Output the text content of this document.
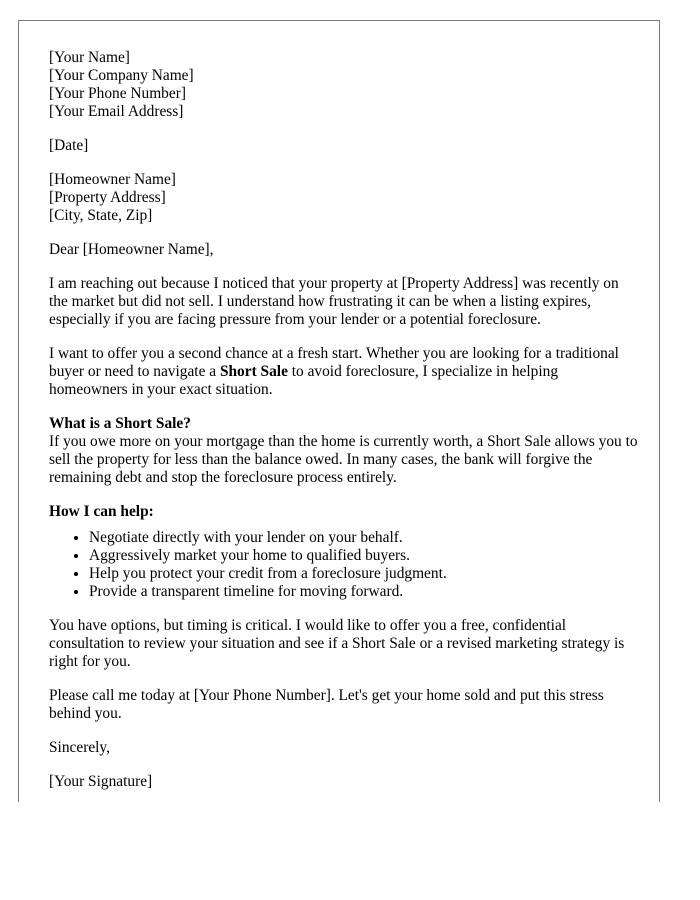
[Your Name]
[Your Company Name]
[Your Phone Number]
[Your Email Address]
[Date]
[Homeowner Name]
[Property Address]
[City, State, Zip]

Dear [Homeowner Name],

I am reaching out because I noticed that your property at [Property Address] was recently on the market but did not sell. I understand how frustrating it can be when a listing expires, especially if you are facing pressure from your lender or a potential foreclosure.

I want to offer you a second chance at a fresh start. Whether you are looking for a traditional buyer or need to navigate a Short Sale to avoid foreclosure, I specialize in helping homeowners in your exact situation.

What is a Short Sale?
If you owe more on your mortgage than the home is currently worth, a Short Sale allows you to sell the property for less than the balance owed. In many cases, the bank will forgive the remaining debt and stop the foreclosure process entirely.

How I can help:

• Negotiate directly with your lender on your behalf.
• Aggressively market your home to qualified buyers.
• Help you protect your credit from a foreclosure judgment.
• Provide a transparent timeline for moving forward.

You have options, but timing is critical. I would like to offer you a free, confidential consultation to review your situation and see if a Short Sale or a revised marketing strategy is right for you.

Please call me today at [Your Phone Number]. Let's get your home sold and put this stress behind you.

Sincerely,

[Your Signature]
